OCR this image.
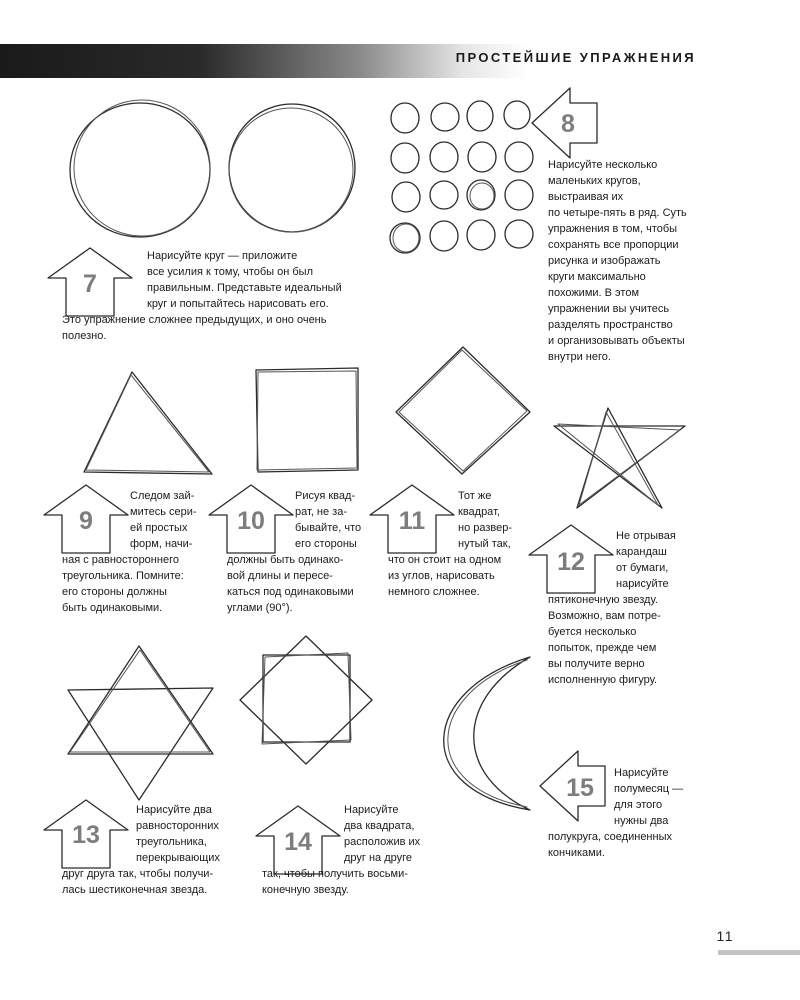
ПРОСТЕЙШИЕ УПРАЖНЕНИЯ
7
8
9	10	11
12
13	14
15
Нарисуйте круг — приложите
все усилия к тому, чтобы он был
правильным. Представьте идеальный
круг и попытайтесь нарисовать его.
Это упражнение сложнее предыдущих, и оно очень
полезно.
Нарисуйте несколько
маленьких кругов,
выстраивая их
по четыре-пять в ряд. Суть
упражнения в том, чтобы
сохранять все пропорции
рисунка и изображать
круги максимально
похожими. В этом
упражнении вы учитесь
разделять пространство
и организовывать объекты
внутри него.
Следом зай-
митесь сери-
ей простых
форм, начи-
ная с равностороннего
треугольника. Помните:
его стороны должны
быть одинаковыми.
Рисуя квад-
рат, не за-
бывайте, что
его стороны
должны быть одинако-
вой длины и пересе-
каться под одинаковыми
углами (90°).
Тот же
квадрат,
но развер-
нутый так,
что он стоит на одном
из углов, нарисовать
немного сложнее.
Не отрывая
карандаш
от бумаги,
нарисуйте
пятиконечную звезду.
Возможно, вам потре-
буется несколько
попыток, прежде чем
вы получите верно
исполненную фигуру.
Нарисуйте два
равносторонних
треугольника,
перекрывающих
друг друга так, чтобы получи-
лась шестиконечная звезда.
Нарисуйте
два квадрата,
расположив их
друг на друге
так, чтобы получить восьми-
конечную звезду.
Нарисуйте
полумесяц —
для этого
нужны два
полукруга, соединенных
кончиками.
11
